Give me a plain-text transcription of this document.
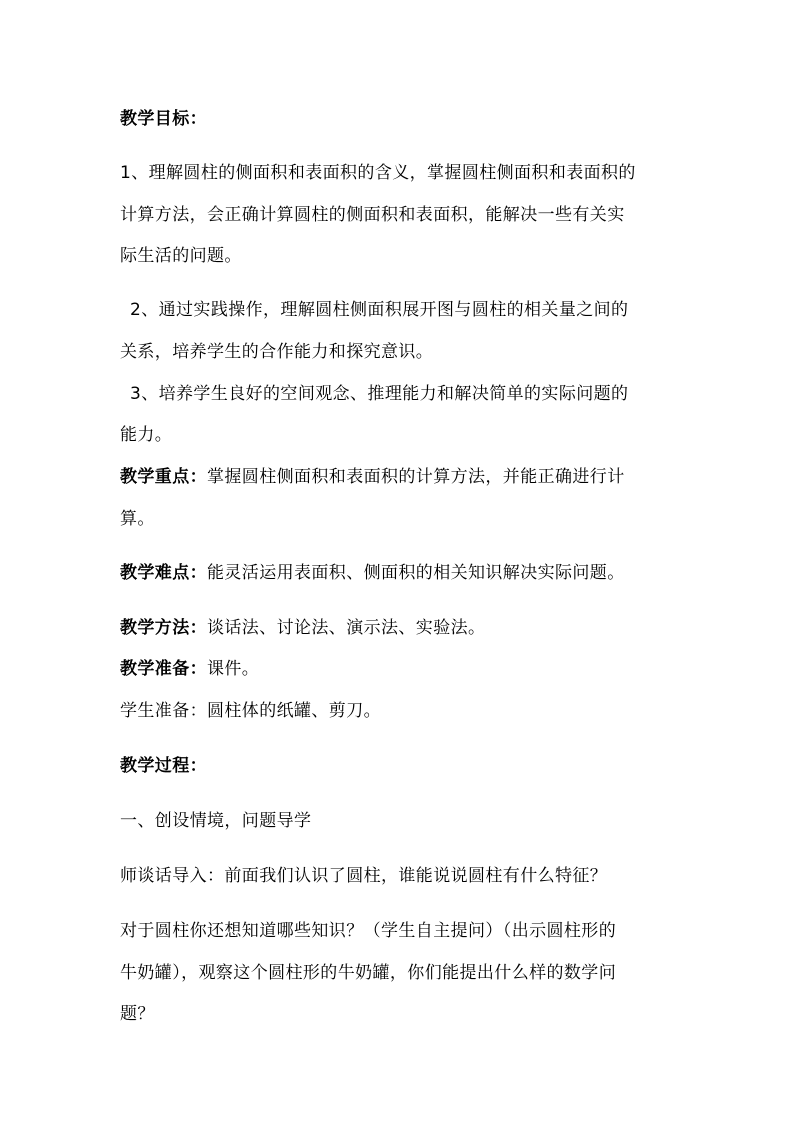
教学目标：
1、理解圆柱的侧面积和表面积的含义，掌握圆柱侧面积和表面积的
计算方法，会正确计算圆柱的侧面积和表面积，能解决一些有关实
际生活的问题。
2、通过实践操作，理解圆柱侧面积展开图与圆柱的相关量之间的
关系，培养学生的合作能力和探究意识。
3、培养学生良好的空间观念、推理能力和解决简单的实际问题的
能力。
教学重点：掌握圆柱侧面积和表面积的计算方法，并能正确进行计
算。
教学难点：能灵活运用表面积、侧面积的相关知识解决实际问题。
教学方法：谈话法、讨论法、演示法、实验法。
教学准备：课件。
学生准备：圆柱体的纸罐、剪刀。
教学过程：
一、创设情境，问题导学
师谈话导入：前面我们认识了圆柱，谁能说说圆柱有什么特征？
对于圆柱你还想知道哪些知识？（学生自主提问）（出示圆柱形的
牛奶罐），观察这个圆柱形的牛奶罐，你们能提出什么样的数学问
题？
